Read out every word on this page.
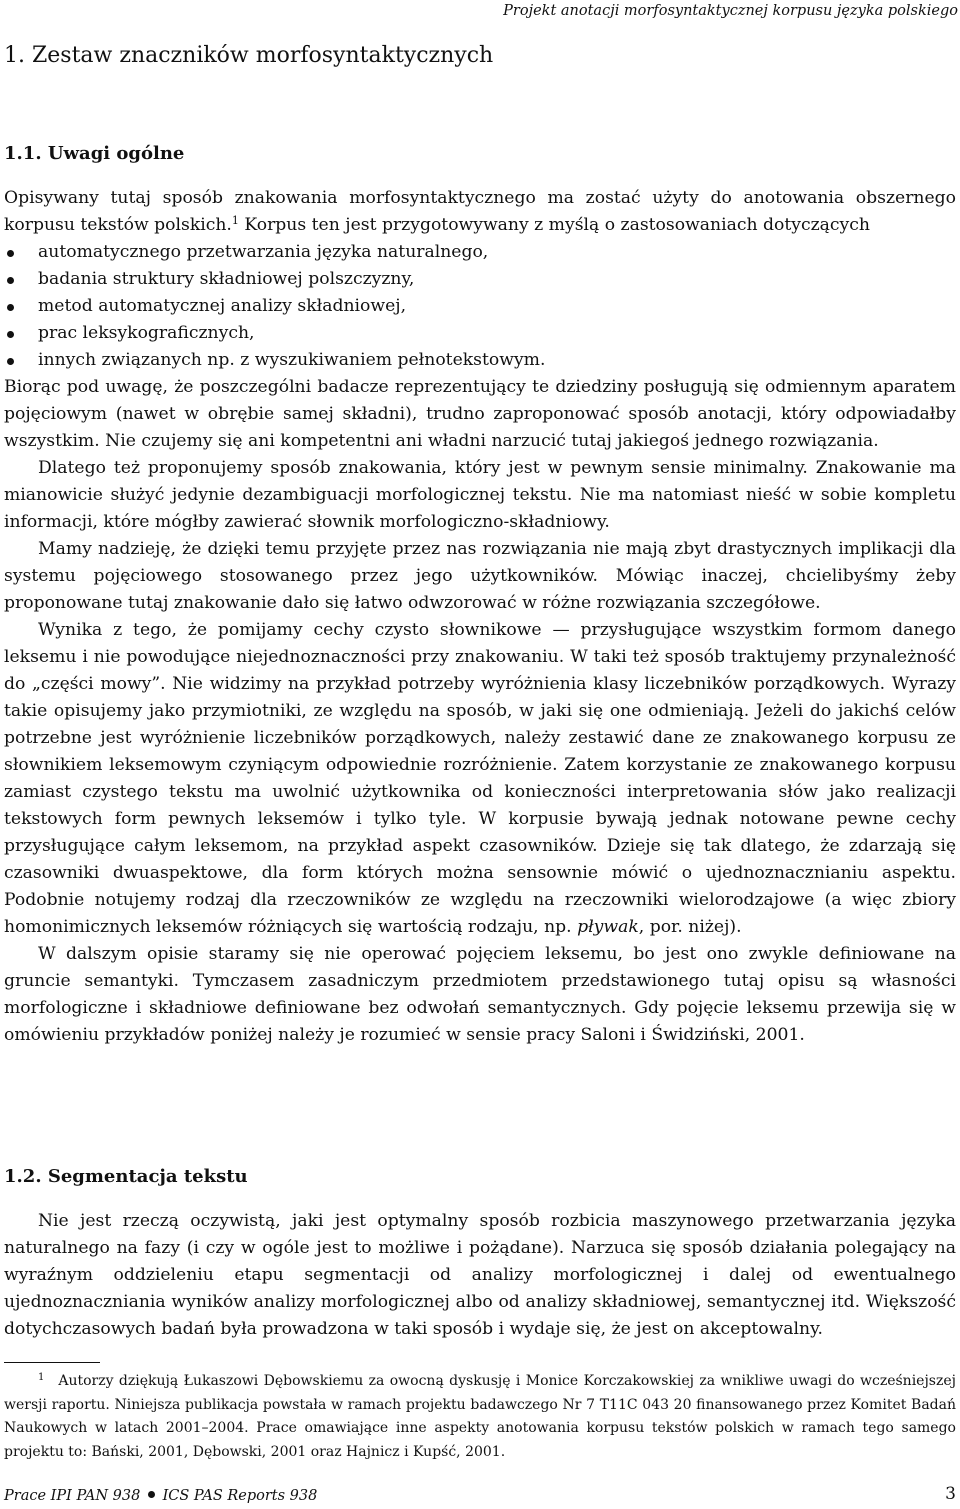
Projekt anotacji morfosyntaktycznej korpusu języka polskiego
1. Zestaw znaczników morfosyntaktycznych
1.1. Uwagi ogólne

Opisywany tutaj sposób znakowania morfosyntaktycznego ma zostać użyty do anotowania obszernego korpusu tekstów polskich.$^1$ Korpus ten jest przygotowywany z myślą o zastosowaniach dotyczących

automatycznego przetwarzania języka naturalnego,
badania struktury składniowej polszczyzny,
metod automatycznej analizy składniowej,
prac leksykograficznych,
innych związanych np. z wyszukiwaniem pełnotekstowym.

Biorąc pod uwagę, że poszczególni badacze reprezentujący te dziedziny posługują się odmiennym aparatem pojęciowym (nawet w obrębie samej składni), trudno zaproponować sposób anotacji, który odpowiadałby wszystkim. Nie czujemy się ani kompetentni ani władni narzucić tutaj jakiegoś jednego rozwiązania.

Dlatego też proponujemy sposób znakowania, który jest w pewnym sensie minimalny. Znakowanie ma mianowicie służyć jedynie dezambiguacji morfologicznej tekstu. Nie ma natomiast nieść w sobie kompletu informacji, które mógłby zawierać słownik morfologiczno-składniowy.

Mamy nadzieję, że dzięki temu przyjęte przez nas rozwiązania nie mają zbyt drastycznych implikacji dla systemu pojęciowego stosowanego przez jego użytkowników. Mówiąc inaczej, chcielibyśmy żeby proponowane tutaj znakowanie dało się łatwo odwzorować w różne rozwiązania szczegółowe.

Wynika z tego, że pomijamy cechy czysto słownikowe — przysługujące wszystkim formom danego leksemu i nie powodujące niejednoznaczności przy znakowaniu. W taki też sposób traktujemy przynależność do „części mowy”. Nie widzimy na przykład potrzeby wyróżnienia klasy liczebników porządkowych. Wyrazy takie opisujemy jako przymiotniki, ze względu na sposób, w jaki się one odmieniają. Jeżeli do jakichś celów potrzebne jest wyróżnienie liczebników porządkowych, należy zestawić dane ze znakowanego korpusu ze słownikiem leksemowym czyniącym odpowiednie rozróżnienie. Zatem korzystanie ze znakowanego korpusu zamiast czystego tekstu ma uwolnić użytkownika od konieczności interpretowania słów jako realizacji tekstowych form pewnych leksemów i tylko tyle. W korpusie bywają jednak notowane pewne cechy przysługujące całym leksemom, na przykład aspekt czasowników. Dzieje się tak dlatego, że zdarzają się czasowniki dwuaspektowe, dla form których można sensownie mówić o ujednoznacznianiu aspektu. Podobnie notujemy rodzaj dla rzeczowników ze względu na rzeczowniki wielorodzajowe (a więc zbiory homonimicznych leksemów różniących się wartością rodzaju, np. pływak, por. niżej).

W dalszym opisie staramy się nie operować pojęciem leksemu, bo jest ono zwykle definiowane na gruncie semantyki. Tymczasem zasadniczym przedmiotem przedstawionego tutaj opisu są własności morfologiczne i składniowe definiowane bez odwołań semantycznych. Gdy pojęcie leksemu przewija się w omówieniu przykładów poniżej należy je rozumieć w sensie pracy Saloni i Świdziński, 2001.

1.2. Segmentacja tekstu

Nie jest rzeczą oczywistą, jaki jest optymalny sposób rozbicia maszynowego przetwarzania języka naturalnego na fazy (i czy w ogóle jest to możliwe i pożądane). Narzuca się sposób działania polegający na wyraźnym oddzieleniu etapu segmentacji od analizy morfologicznej i dalej od ewentualnego ujednoznaczniania wyników analizy morfologicznej albo od analizy składniowej, semantycznej itd. Większość dotychczasowych badań była prowadzona w taki sposób i wydaje się, że jest on akceptowalny.

$^1$ Autorzy dziękują Łukaszowi Dębowskiemu za owocną dyskusję i Monice Korczakowskiej za wnikliwe uwagi do wcześniejszej wersji raportu. Niniejsza publikacja powstała w ramach projektu badawczego Nr 7 T11C 043 20 finansowanego przez Komitet Badań Naukowych w latach 2001–2004. Prace omawiające inne aspekty anotowania korpusu tekstów polskich w ramach tego samego projektu to: Bański, 2001, Dębowski, 2001 oraz Hajnicz i Kupść, 2001.

Prace IPI PAN 938 ICS PAS Reports 938	3
